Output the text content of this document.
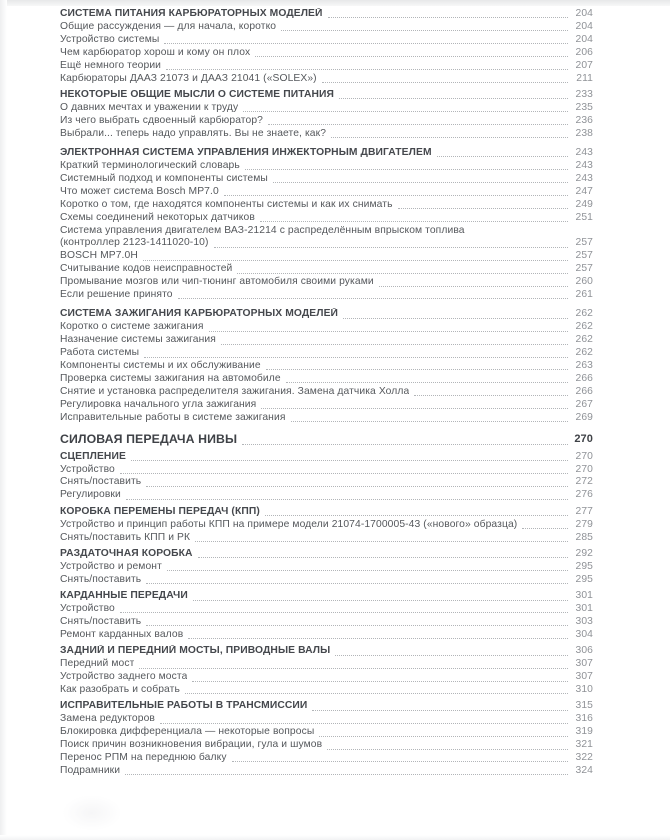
СИСТЕМА ПИТАНИЯ КАРБЮРАТОРНЫХ МОДЕЛЕЙ	204
Общие рассуждения — для начала, коротко	204
Устройство системы	204
Чем карбюратор хорош и кому он плох	206
Ещё немного теории	207
Карбюраторы ДААЗ 21073 и ДААЗ 21041 («SOLEX»)	211
НЕКОТОРЫЕ ОБЩИЕ МЫСЛИ О СИСТЕМЕ ПИТАНИЯ	233
О давних мечтах и уважении к труду	235
Из чего выбрать сдвоенный карбюратор?	236
Выбрали... теперь надо управлять. Вы не знаете, как?	238
ЭЛЕКТРОННАЯ СИСТЕМА УПРАВЛЕНИЯ ИНЖЕКТОРНЫМ ДВИГАТЕЛЕМ	243
Краткий терминологический словарь	243
Системный подход и компоненты системы	243
Что может система Bosch MP7.0	247
Коротко о том, где находятся компоненты системы и как их снимать	249
Схемы соединений некоторых датчиков	251
Система управления двигателем ВАЗ-21214 с распределённым впрыском топлива
(контроллер 2123-1411020-10)	257
BOSCH MP7.0H	257
Считывание кодов неисправностей	257
Промывание мозгов или чип-тюнинг автомобиля своими руками	260
Если решение принято	261
СИСТЕМА ЗАЖИГАНИЯ КАРБЮРАТОРНЫХ МОДЕЛЕЙ	262
Коротко о системе зажигания	262
Назначение системы зажигания	262
Работа системы	262
Компоненты системы и их обслуживание	263
Проверка системы зажигания на автомобиле	266
Снятие и установка распределителя зажигания. Замена датчика Холла	266
Регулировка начального угла зажигания	267
Исправительные работы в системе зажигания	269
СИЛОВАЯ ПЕРЕДАЧА НИВЫ	270
СЦЕПЛЕНИЕ	270
Устройство	270
Снять/поставить	272
Регулировки	276
КОРОБКА ПЕРЕМЕНЫ ПЕРЕДАЧ (КПП)	277
Устройство и принцип работы КПП на примере модели 21074-1700005-43 («нового» образца)	279
Снять/поставить КПП и РК	285
РАЗДАТОЧНАЯ КОРОБКА	292
Устройство и ремонт	295
Снять/поставить	295
КАРДАННЫЕ ПЕРЕДАЧИ	301
Устройство	301
Снять/поставить	303
Ремонт карданных валов	304
ЗАДНИЙ И ПЕРЕДНИЙ МОСТЫ, ПРИВОДНЫЕ ВАЛЫ	306
Передний мост	307
Устройство заднего моста	307
Как разобрать и собрать	310
ИСПРАВИТЕЛЬНЫЕ РАБОТЫ В ТРАНСМИССИИ	315
Замена редукторов	316
Блокировка дифференциала — некоторые вопросы	319
Поиск причин возникновения вибрации, гула и шумов	321
Перенос РПМ на переднюю балку	322
Подрамники	324
